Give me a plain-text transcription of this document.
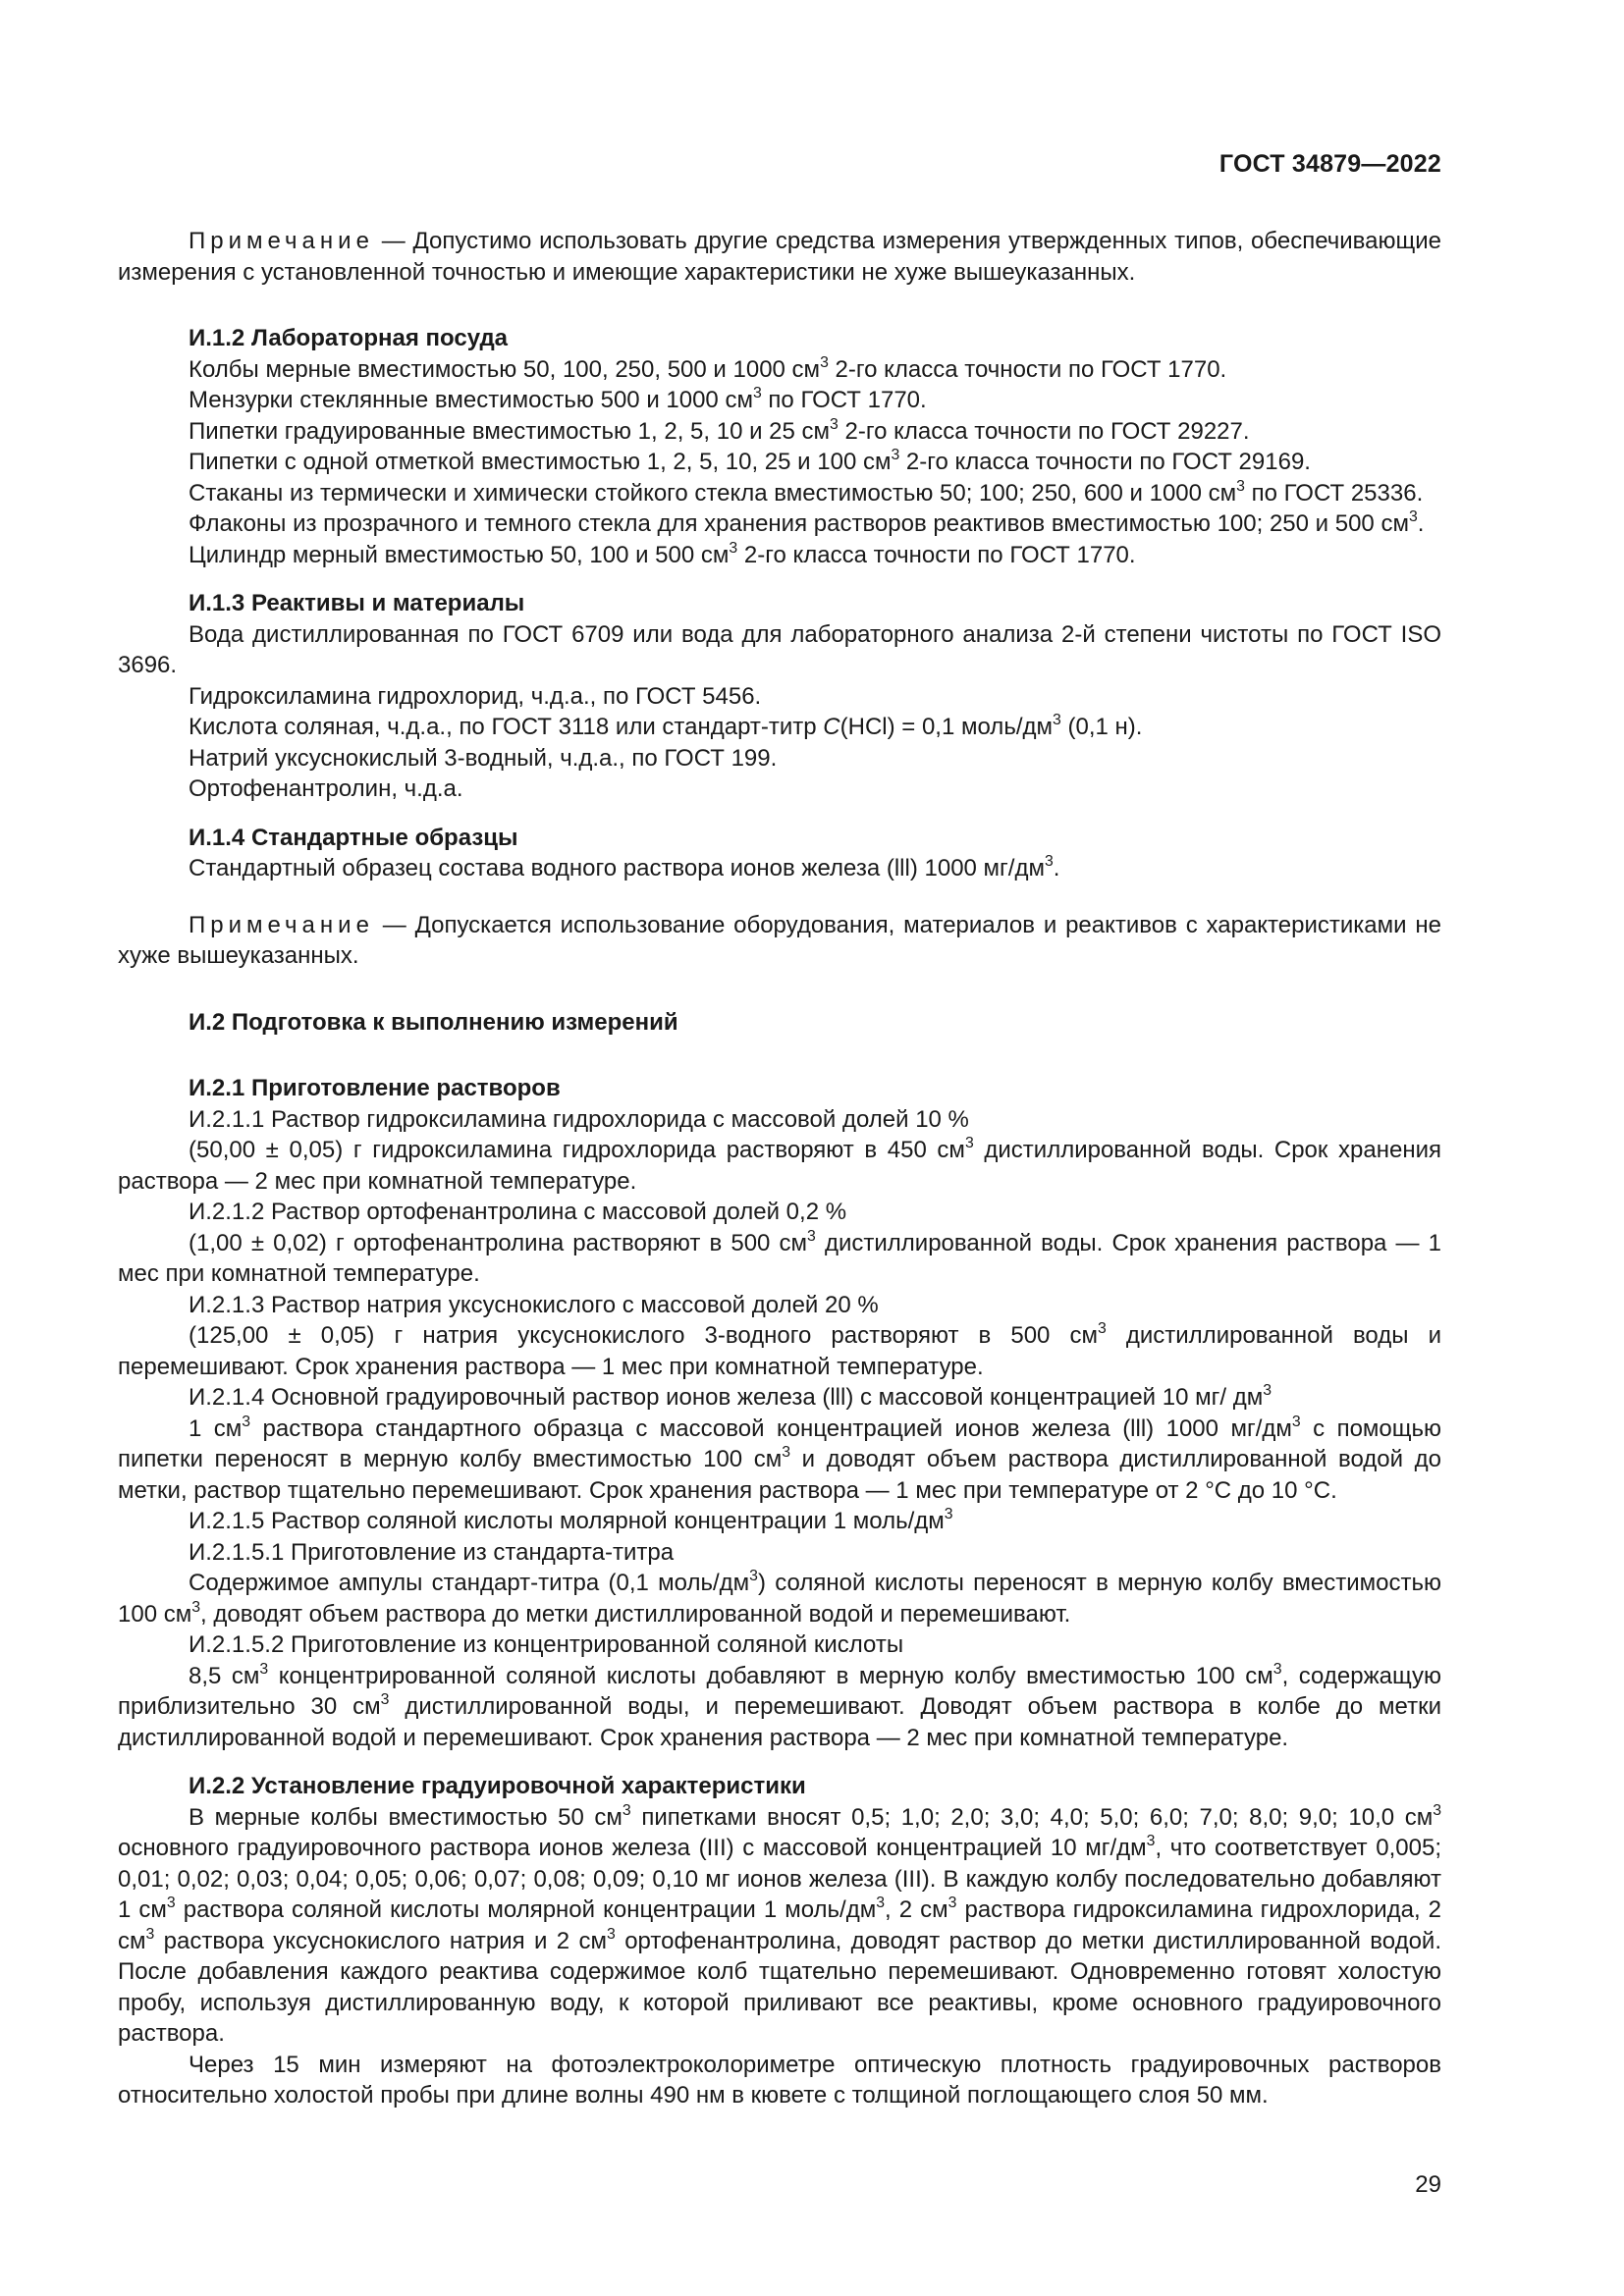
ГОСТ 34879—2022

Примечание — Допустимо использовать другие средства измерения утвержденных типов, обеспечивающие измерения с установленной точностью и имеющие характеристики не хуже вышеуказанных.

И.1.2 Лабораторная посуда

Колбы мерные вместимостью 50, 100, 250, 500 и 1000 $см^3$ 2-го класса точности по ГОСТ 1770.

Мензурки стеклянные вместимостью 500 и 1000 $см^3$ по ГОСТ 1770.

Пипетки градуированные вместимостью 1, 2, 5, 10 и 25 $см^3$ 2-го класса точности по ГОСТ 29227.

Пипетки с одной отметкой вместимостью 1, 2, 5, 10, 25 и 100 $см^3$ 2-го класса точности по ГОСТ 29169.

Стаканы из термически и химически стойкого стекла вместимостью 50; 100; 250, 600 и 1000 $см^3$ по ГОСТ 25336.

Флаконы из прозрачного и темного стекла для хранения растворов реактивов вместимостью 100; 250 и 500 $см^3$.

Цилиндр мерный вместимостью 50, 100 и 500 $см^3$ 2-го класса точности по ГОСТ 1770.

И.1.3 Реактивы и материалы

Вода дистиллированная по ГОСТ 6709 или вода для лабораторного анализа 2-й степени чистоты по ГОСТ ISO 3696.

Гидроксиламина гидрохлорид, ч.д.а., по ГОСТ 5456.

Кислота соляная, ч.д.а., по ГОСТ 3118 или стандарт-титр C(HCl) = 0,1 моль/$дм^3$ (0,1 н).

Натрий уксуснокислый 3-водный, ч.д.а., по ГОСТ 199.

Ортофенантролин, ч.д.а.

И.1.4 Стандартные образцы

Стандартный образец состава водного раствора ионов железа (lll) 1000 $мг/дм^3$.

Примечание — Допускается использование оборудования, материалов и реактивов с характеристиками не хуже вышеуказанных.

И.2 Подготовка к выполнению измерений
И.2.1 Приготовление растворов

И.2.1.1 Раствор гидроксиламина гидрохлорида с массовой долей 10 %

(50,00 ± 0,05) г гидроксиламина гидрохлорида растворяют в 450 $см^3$ дистиллированной воды. Срок хранения раствора — 2 мес при комнатной температуре.

И.2.1.2 Раствор ортофенантролина с массовой долей 0,2 %

(1,00 ± 0,02) г ортофенантролина растворяют в 500 $см^3$ дистиллированной воды. Срок хранения раствора — 1 мес при комнатной температуре.

И.2.1.3 Раствор натрия уксуснокислого с массовой долей 20 %

(125,00 ± 0,05) г натрия уксуснокислого 3-водного растворяют в 500 $см^3$ дистиллированной воды и перемешивают. Срок хранения раствора — 1 мес при комнатной температуре.

И.2.1.4 Основной градуировочный раствор ионов железа (lll) с массовой концентрацией 10 мг/ $дм^3$

1 $см^3$ раствора стандартного образца с массовой концентрацией ионов железа (lll) 1000 $мг/дм^3$ с помощью пипетки переносят в мерную колбу вместимостью 100 $см^3$ и доводят объем раствора дистиллированной водой до метки, раствор тщательно перемешивают. Срок хранения раствора — 1 мес при температуре от 2 °С до 10 °С.

И.2.1.5 Раствор соляной кислоты молярной концентрации 1 моль/$дм^3$

И.2.1.5.1 Приготовление из стандарта-титра

Содержимое ампулы стандарт-титра (0,1 моль/$дм^3$) соляной кислоты переносят в мерную колбу вместимостью 100 $см^3$, доводят объем раствора до метки дистиллированной водой и перемешивают.

И.2.1.5.2 Приготовление из концентрированной соляной кислоты

8,5 $см^3$ концентрированной соляной кислоты добавляют в мерную колбу вместимостью 100 $см^3$, содержащую приблизительно 30 $см^3$ дистиллированной воды, и перемешивают. Доводят объем раствора в колбе до метки дистиллированной водой и перемешивают. Срок хранения раствора — 2 мес при комнатной температуре.

И.2.2 Установление градуировочной характеристики

В мерные колбы вместимостью 50 $см^3$ пипетками вносят 0,5; 1,0; 2,0; 3,0; 4,0; 5,0; 6,0; 7,0; 8,0; 9,0; 10,0 $см^3$ основного градуировочного раствора ионов железа (III) с массовой концентрацией 10 $мг/дм^3$, что соответствует 0,005; 0,01; 0,02; 0,03; 0,04; 0,05; 0,06; 0,07; 0,08; 0,09; 0,10 мг ионов железа (III). В каждую колбу последовательно добавляют 1 $см^3$ раствора соляной кислоты молярной концентрации 1 моль/$дм^3$, 2 $см^3$ раствора гидроксиламина гидрохлорида, 2 $см^3$ раствора уксуснокислого натрия и 2 $см^3$ ортофенантролина, доводят раствор до метки дистиллированной водой. После добавления каждого реактива содержимое колб тщательно перемешивают. Одновременно готовят холостую пробу, используя дистиллированную воду, к которой приливают все реактивы, кроме основного градуировочного раствора.

Через 15 мин измеряют на фотоэлектроколориметре оптическую плотность градуировочных растворов относительно холостой пробы при длине волны 490 нм в кювете с толщиной поглощающего слоя 50 мм.

29
